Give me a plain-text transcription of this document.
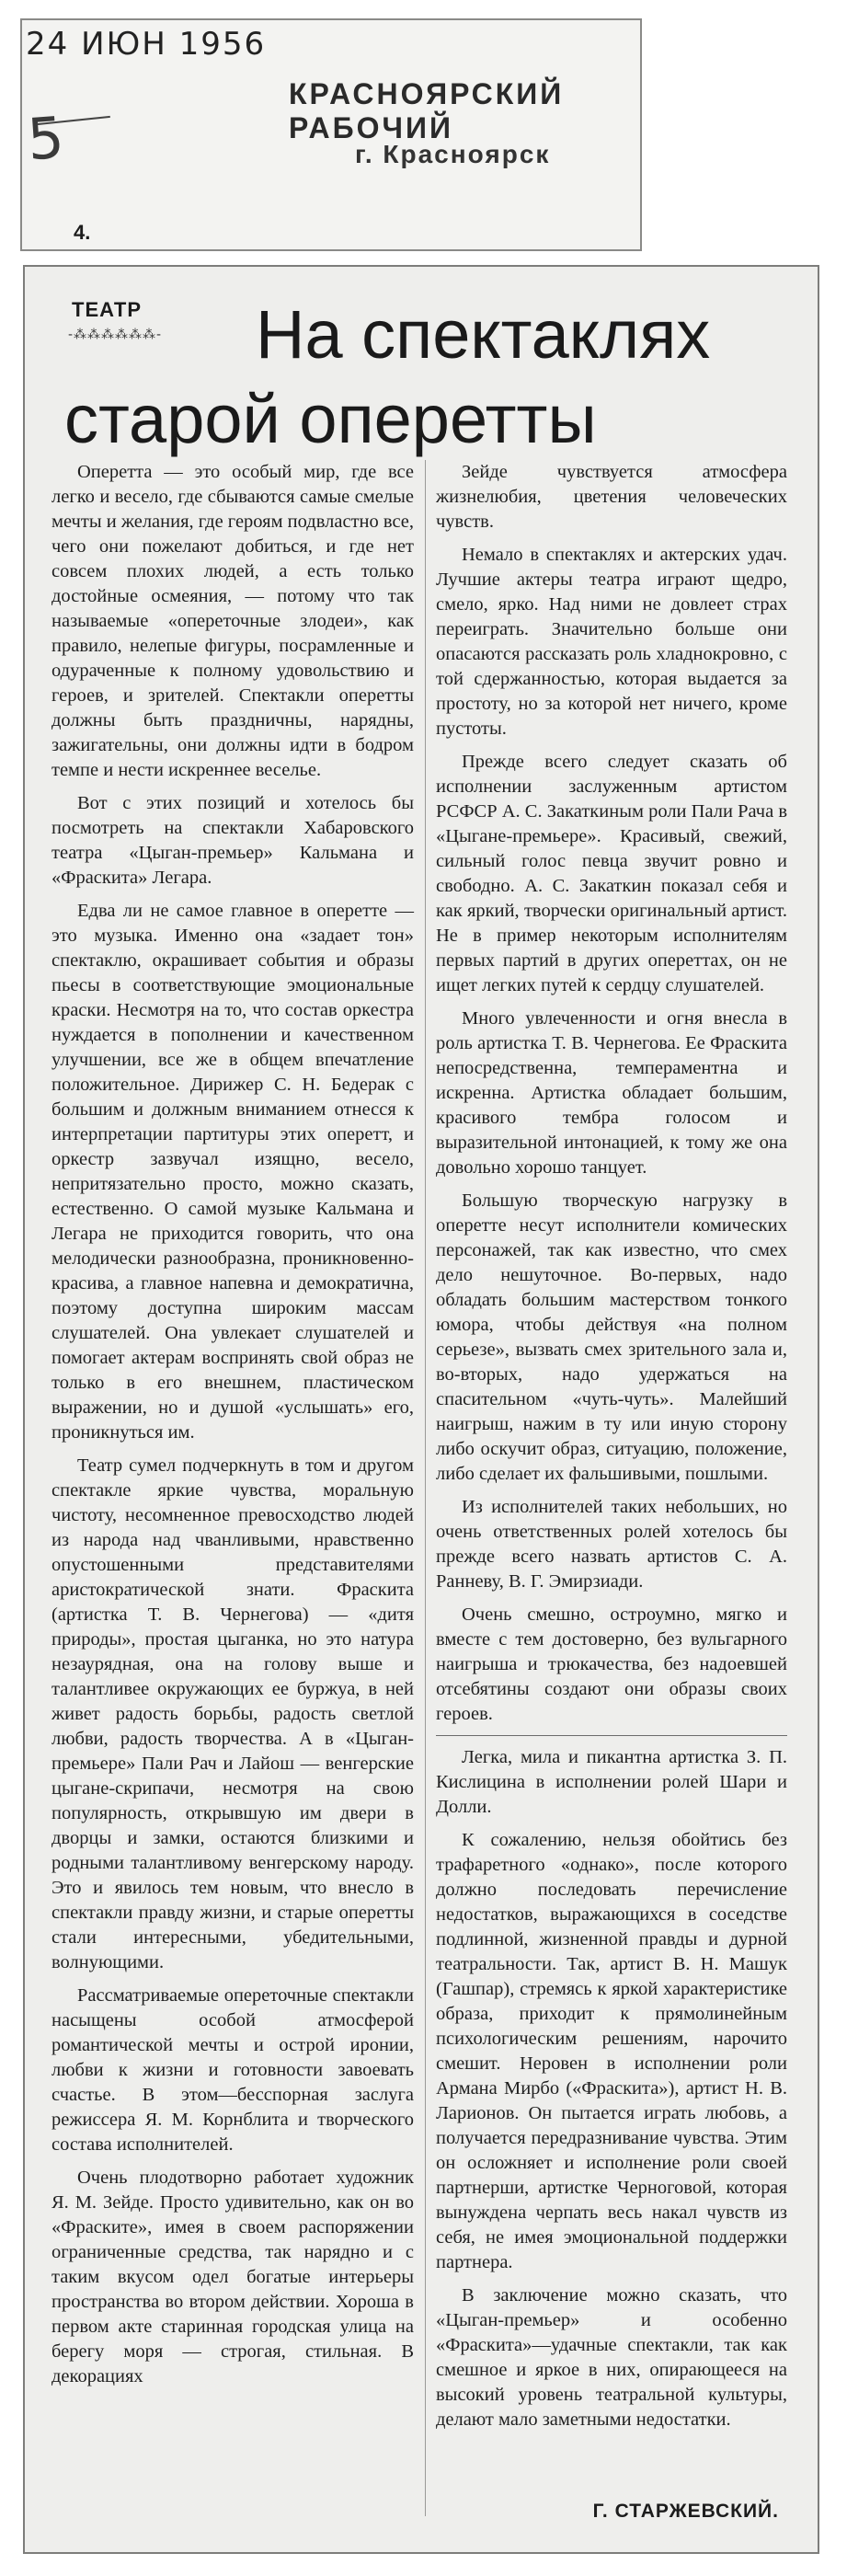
24 ИЮН 1956
КРАСНОЯРСКИЙ РАБОЧИЙ
г. Красноярск
5
4.
ТЕАТР
-⁂⁂⁂⁂⁂⁂-	На спектаклях
старой оперетты

Оперетта — это особый мир, где все легко и весело, где сбываются самые смелые мечты и желания, где героям подвластно все, чего они пожелают добиться, и где нет совсем плохих людей, а есть только достойные осмеяния, — потому что так называемые «опереточные злодеи», как правило, нелепые фигуры, посрамленные и одураченные к полному удовольствию и героев, и зрителей. Спектакли оперетты должны быть праздничны, нарядны, зажигательны, они должны идти в бодром темпе и нести искреннее веселье.

Вот с этих позиций и хотелось бы посмотреть на спектакли Хабаровского театра «Цыган-премьер» Кальмана и «Фраскита» Легара.

Едва ли не самое главное в оперетте — это музыка. Именно она «задает тон» спектаклю, окрашивает события и образы пьесы в соответствующие эмоциональные краски. Несмотря на то, что состав оркестра нуждается в пополнении и качественном улучшении, все же в общем впечатление положительное. Дирижер С. Н. Бедерак с большим и должным вниманием отнесся к интерпретации партитуры этих оперетт, и оркестр зазвучал изящно, весело, непритязательно просто, можно сказать, естественно. О самой музыке Кальмана и Легара не приходится говорить, что она мелодически разнообразна, проникновенно-красива, а главное напевна и демократична, поэтому доступна широким массам слушателей. Она увлекает слушателей и помогает актерам воспринять свой образ не только в его внешнем, пластическом выражении, но и душой «услышать» его, проникнуться им.

Театр сумел подчеркнуть в том и другом спектакле яркие чувства, моральную чистоту, несомненное превосходство людей из народа над чванливыми, нравственно опустошенными представителями аристократической знати. Фраскита (артистка Т. В. Чернегова) — «дитя природы», простая цыганка, но это натура незаурядная, она на голову выше и талантливее окружающих ее буржуа, в ней живет радость борьбы, радость светлой любви, радость творчества. А в «Цыган-премьере» Пали Рач и Лайош — венгерские цыгане-скрипачи, несмотря на свою популярность, открывшую им двери в дворцы и замки, остаются близкими и родными талантливому венгерскому народу. Это и явилось тем новым, что внесло в спектакли правду жизни, и старые оперетты стали интересными, убедительными, волнующими.

Рассматриваемые опереточные спектакли насыщены особой атмосферой романтической мечты и острой иронии, любви к жизни и готовности завоевать счастье. В этом—бесспорная заслуга режиссера Я. М. Корнблита и творческого состава исполнителей.

Очень плодотворно работает художник Я. М. Зейде. Просто удивительно, как он во «Фраските», имея в своем распоряжении ограниченные средства, так нарядно и с таким вкусом одел богатые интерьеры пространства во втором действии. Хороша в первом акте старинная городская улица на берегу моря — строгая, стильная. В декорациях

Зейде чувствуется атмосфера жизнелюбия, цветения человеческих чувств.

Немало в спектаклях и актерских удач. Лучшие актеры театра играют щедро, смело, ярко. Над ними не довлеет страх переиграть. Значительно больше они опасаются рассказать роль хладнокровно, с той сдержанностью, которая выдается за простоту, но за которой нет ничего, кроме пустоты.

Прежде всего следует сказать об исполнении заслуженным артистом РСФСР А. С. Закаткиным роли Пали Рача в «Цыгане-премьере». Красивый, свежий, сильный голос певца звучит ровно и свободно. А. С. Закаткин показал себя и как яркий, творчески оригинальный артист. Не в пример некоторым исполнителям первых партий в других опереттах, он не ищет легких путей к сердцу слушателей.

Много увлеченности и огня внесла в роль артистка Т. В. Чернегова. Ее Фраскита непосредственна, темпераментна и искренна. Артистка обладает большим, красивого тембра голосом и выразительной интонацией, к тому же она довольно хорошо танцует.

Большую творческую нагрузку в оперетте несут исполнители комических персонажей, так как известно, что смех дело нешуточное. Во-первых, надо обладать большим мастерством тонкого юмора, чтобы действуя «на полном серьезе», вызвать смех зрительного зала и, во-вторых, надо удержаться на спасительном «чуть-чуть». Малейший наигрыш, нажим в ту или иную сторону либо оскучит образ, ситуацию, положение, либо сделает их фальшивыми, пошлыми.

Из исполнителей таких небольших, но очень ответственных ролей хотелось бы прежде всего назвать артистов С. А. Ранневу, В. Г. Эмирзиади.

Очень смешно, остроумно, мягко и вместе с тем достоверно, без вульгарного наигрыша и трюкачества, без надоевшей отсебятины создают они образы своих героев.

Легка, мила и пикантна артистка З. П. Кислицина в исполнении ролей Шари и Долли.

К сожалению, нельзя обойтись без трафаретного «однако», после которого должно последовать перечисление недостатков, выражающихся в соседстве подлинной, жизненной правды и дурной театральности. Так, артист В. Н. Машук (Гашпар), стремясь к яркой характеристике образа, приходит к прямолинейным психологическим решениям, нарочито смешит. Неровен в исполнении роли Армана Мирбо («Фраскита»), артист Н. В. Ларионов. Он пытается играть любовь, а получается передразнивание чувства. Этим он осложняет и исполнение роли своей партнерши, артистке Черноговой, которая вынуждена черпать весь накал чувств из себя, не имея эмоциональной поддержки партнера.

В заключение можно сказать, что «Цыган-премьер» и особенно «Фраскита»—удачные спектакли, так как смешное и яркое в них, опирающееся на высокий уровень театральной культуры, делают мало заметными недостатки.

Г. СТАРЖЕВСКИЙ.
